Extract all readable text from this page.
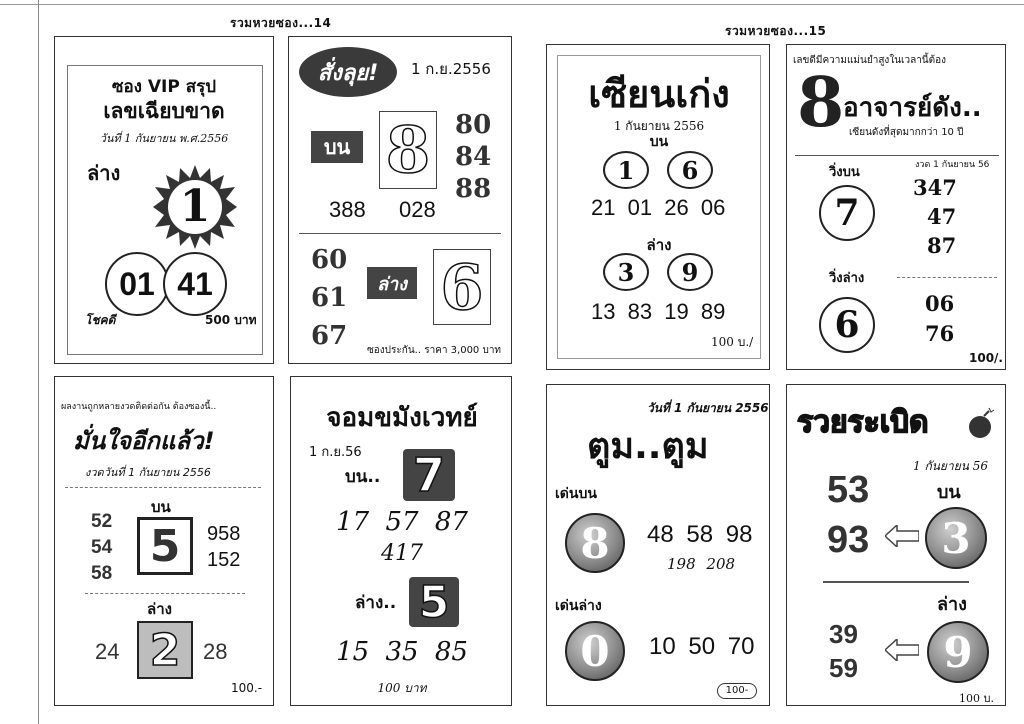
รวมหวยซอง...14
รวมหวยซอง...15
ซอง VIP สรุป
เลขเฉียบขาด
วันที่ 1 กันยายน พ.ศ.2556
ล่าง
1
01 41
โชคดี	500 บาท
สั่งลุย! 1 ก.ย.2556
บน 8 80
84
88
388 028
60
61
67
ล่าง 6
ซองประกัน.. ราคา 3,000 บาท
เซียนเก่ง
1 กันยายน 2556
บน
1	6
21 01 26 06
ล่าง
3	9
13 83 19 89
100 บ./
เลขดีมีความแม่นยำสูงในเวลานี้ต้อง
8
อาจารย์ดัง..
เซียนดังที่สุดมากกว่า 10 ปี
งวด 1 กันยายน 56
วิ่งบน
7
347
47
87
วิ่งล่าง
6
06
76
100/.
ผลงานถูกหลายงวดติดต่อกัน ต้องซองนี้..
มั่นใจอีกแล้ว!
งวดวันที่ 1 กันยายน 2556
บน
52
54
58
5	958
152
ล่าง
2
24	28
100.-
จอมขมังเวทย์
1 ก.ย.56
บน.. 7
17 57 87
417
ล่าง.. 5
15 35 85
100 บาท
วันที่ 1 กันยายน 2556
ตูม..ตูม
เด่นบน
8	48 58 98
198 208
เด่นล่าง
0	10 50 70
100-
รวยระเบิด
1 กันยายน 56
บน
53
93	3
ล่าง
39
59	9
100 บ.
